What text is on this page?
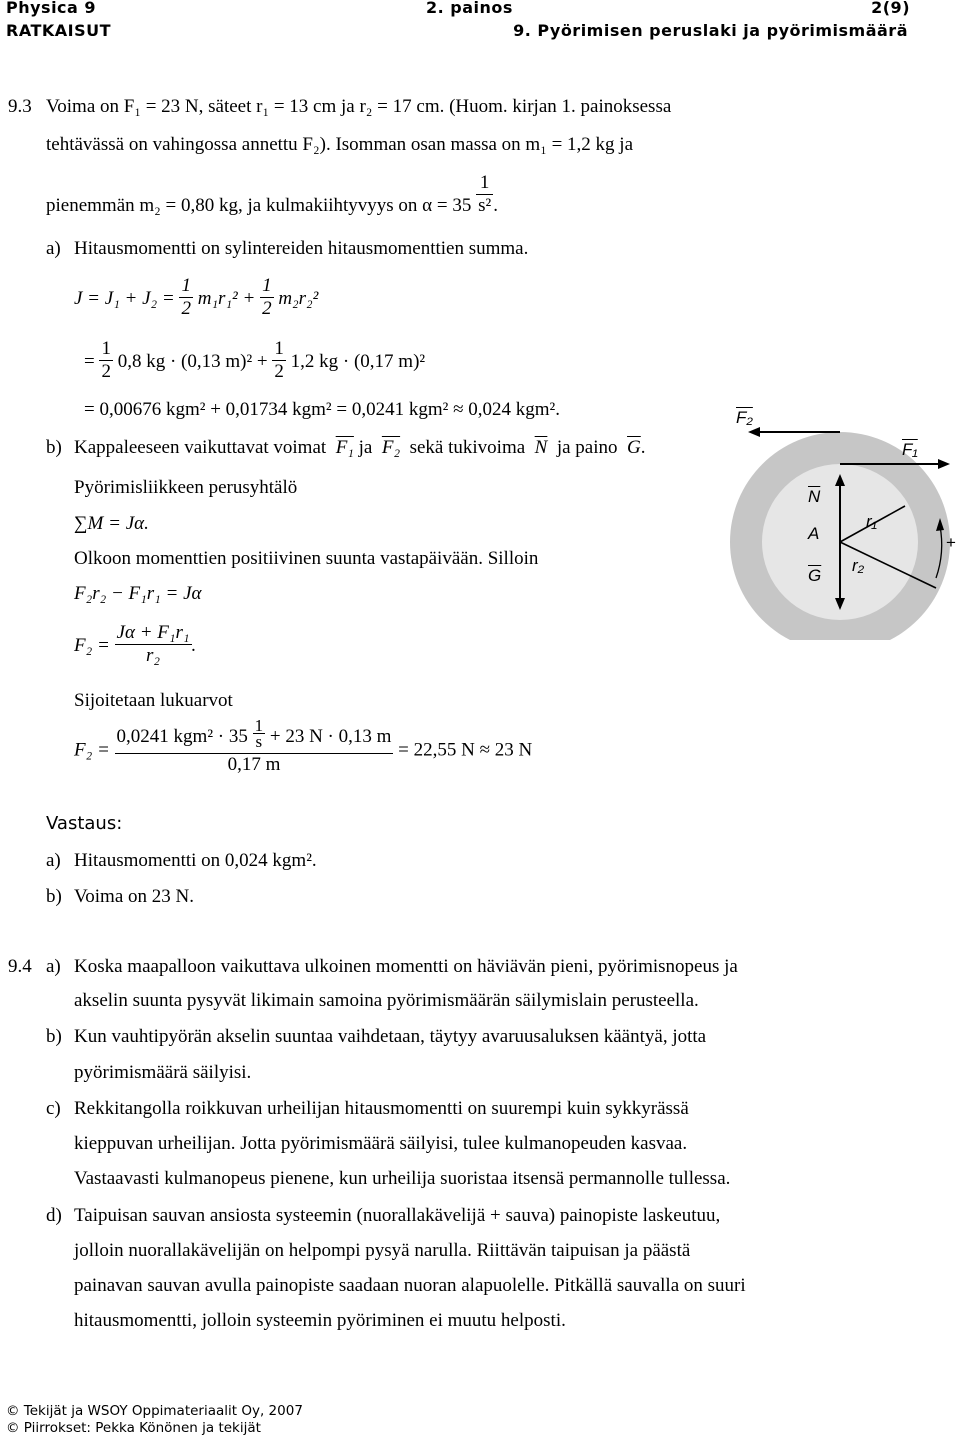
Physica 9	2. painos	2(9)
RATKAISUT	9. Pyörimisen peruslaki ja pyörimismäärä
9.3 Voima on F₁ = 23 N, säteet r₁ = 13 cm ja r₂ = 17 cm. (Huom. kirjan 1. painoksessa
tehtävässä on vahingossa annettu F₂). Isomman osan massa on m₁ = 1,2 kg ja
pienemmän m₂ = 0,80 kg, ja kulmakiihtyvyys on $\alpha = 35 \frac{1}{\text{s²}}$ .
a) Hitausmomentti on sylintereiden hitausmomenttien summa.
$J = J_1 + J_2 = \frac{1}{2} m_1r_1^2 + \frac{1}{2} m_2r_2^2$
= $\frac{1}{2} 0,8$ kg · (0,13 $m)^2 + \frac{1}{2} 1,2$ kg · (0,17 m)²
= 0,00676 kgm² + 0,01734 kgm² = 0,0241 kgm² ≈ 0,024 kgm².
b) Kappaleeseen vaikuttavat voimat F₁ ja F₂ sekä tukivoima $\overline{N}$ ja paino $\overline{G}$.
Pyörimisliikkeen perusyhtälö
∑M = Jα.
Olkoon momenttien positiivinen suunta vastapäivään. Silloin
F₂r₂ − F₁r₁ = Jα
$F_2 = \frac{\text{Jα + F₁r₁}}{\text{r₂}}$ .
Sijoitetaan lukuarvot
$F_2 = \frac{0,0241 kgm^2 \cdot 35 \frac{1}{s} + 23 N \cdot 0,13 m}{0,17 m} = 22,55$ N ≈ 23 N
Vastaus:
a) Hitausmomentti on 0,024 kgm².
b) Voima on 23 N.
F₂
F₁
$\overline{N}$
A
$\overline{G}$
r₁
r₂
+
9.4 a) Koska maapalloon vaikuttava ulkoinen momentti on häviävän pieni, pyörimisnopeus ja
akselin suunta pysyvät likimain samoina pyörimismäärän säilymislain perusteella.
b) Kun vauhtipyörän akselin suuntaa vaihdetaan, täytyy avaruusaluksen kääntyä, jotta
pyörimismäärä säilyisi.
c) Rekkitangolla roikkuvan urheilijan hitausmomentti on suurempi kuin sykkyrässä
kieppuvan urheilijan. Jotta pyörimismäärä säilyisi, tulee kulmanopeuden kasvaa.
Vastaavasti kulmanopeus pienene, kun urheilija suoristaa itsensä permannolle tullessa.
d) Taipuisan sauvan ansiosta systeemin (nuorallakävelijä + sauva) painopiste laskeutuu,
jolloin nuorallakävelijän on helpompi pysyä narulla. Riittävän taipuisan ja päästä
painavan sauvan avulla painopiste saadaan nuoran alapuolelle. Pitkällä sauvalla on suuri
hitausmomentti, jolloin systeemin pyöriminen ei muutu helposti.
© Tekijät ja WSOY Oppimateriaalit Oy, 2007
© Piirrokset: Pekka Könönen ja tekijät
